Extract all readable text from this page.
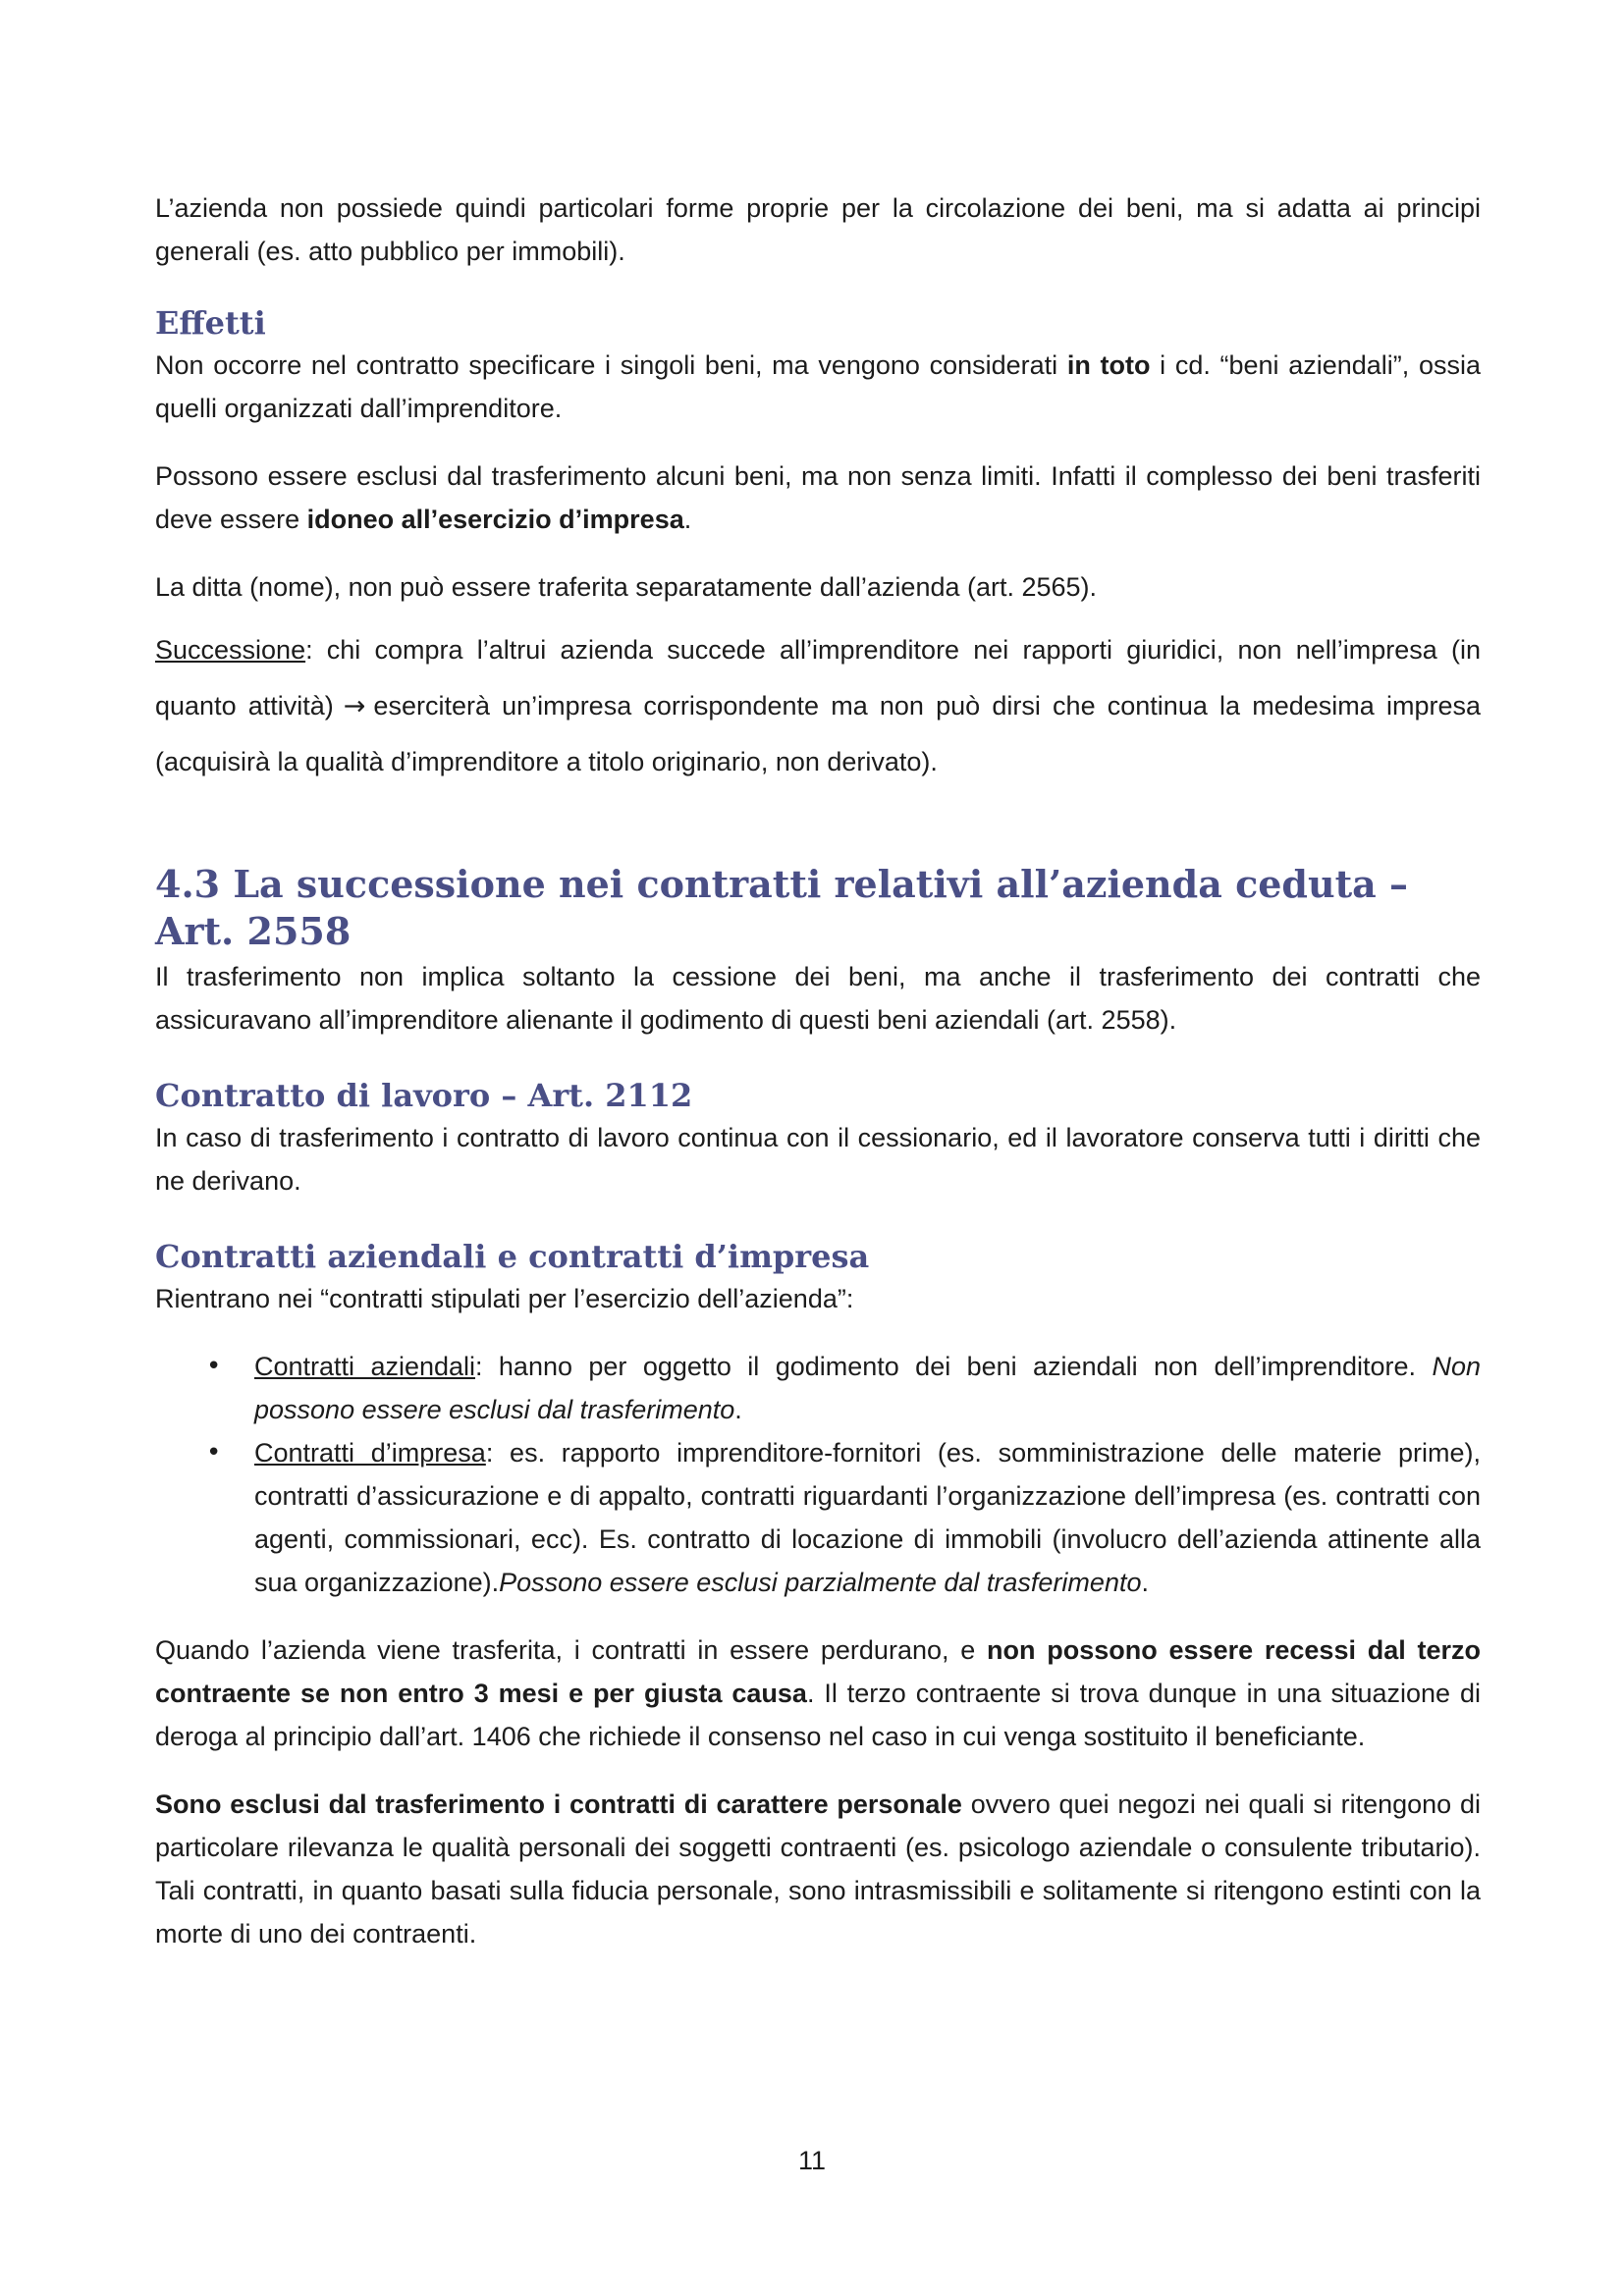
L’azienda non possiede quindi particolari forme proprie per la circolazione dei beni, ma si adatta ai principi generali (es. atto pubblico per immobili).

Effetti

Non occorre nel contratto specificare i singoli beni, ma vengono considerati in toto i cd. “beni aziendali”, ossia quelli organizzati dall’imprenditore.

Possono essere esclusi dal trasferimento alcuni beni, ma non senza limiti. Infatti il complesso dei beni trasferiti deve essere idoneo all’esercizio d’impresa.

La ditta (nome), non può essere traferita separatamente dall’azienda (art. 2565).

Successione: chi compra l’altrui azienda succede all’imprenditore nei rapporti giuridici, non nell’impresa (in quanto attività) → eserciterà un’impresa corrispondente ma non può dirsi che continua la medesima impresa (acquisirà la qualità d’imprenditore a titolo originario, non derivato).

4.3 La successione nei contratti relativi all’azienda ceduta – Art. 2558

Il trasferimento non implica soltanto la cessione dei beni, ma anche il trasferimento dei contratti che assicuravano all’imprenditore alienante il godimento di questi beni aziendali (art. 2558).

Contratto di lavoro – Art. 2112

In caso di trasferimento i contratto di lavoro continua con il cessionario, ed il lavoratore conserva tutti i diritti che ne derivano.

Contratti aziendali e contratti d’impresa

Rientrano nei “contratti stipulati per l’esercizio dell’azienda”:

• Contratti aziendali: hanno per oggetto il godimento dei beni aziendali non dell’imprenditore. Non possono essere esclusi dal trasferimento.
• Contratti d’impresa: es. rapporto imprenditore-fornitori (es. somministrazione delle materie prime), contratti d’assicurazione e di appalto, contratti riguardanti l’organizzazione dell’impresa (es. contratti con agenti, commissionari, ecc). Es. contratto di locazione di immobili (involucro dell’azienda attinente alla sua organizzazione).Possono essere esclusi parzialmente dal trasferimento.

Quando l’azienda viene trasferita, i contratti in essere perdurano, e non possono essere recessi dal terzo contraente se non entro 3 mesi e per giusta causa. Il terzo contraente si trova dunque in una situazione di deroga al principio dall’art. 1406 che richiede il consenso nel caso in cui venga sostituito il beneficiante.

Sono esclusi dal trasferimento i contratti di carattere personale ovvero quei negozi nei quali si ritengono di particolare rilevanza le qualità personali dei soggetti contraenti (es. psicologo aziendale o consulente tributario). Tali contratti, in quanto basati sulla fiducia personale, sono intrasmissibili e solitamente si ritengono estinti con la morte di uno dei contraenti.

11
